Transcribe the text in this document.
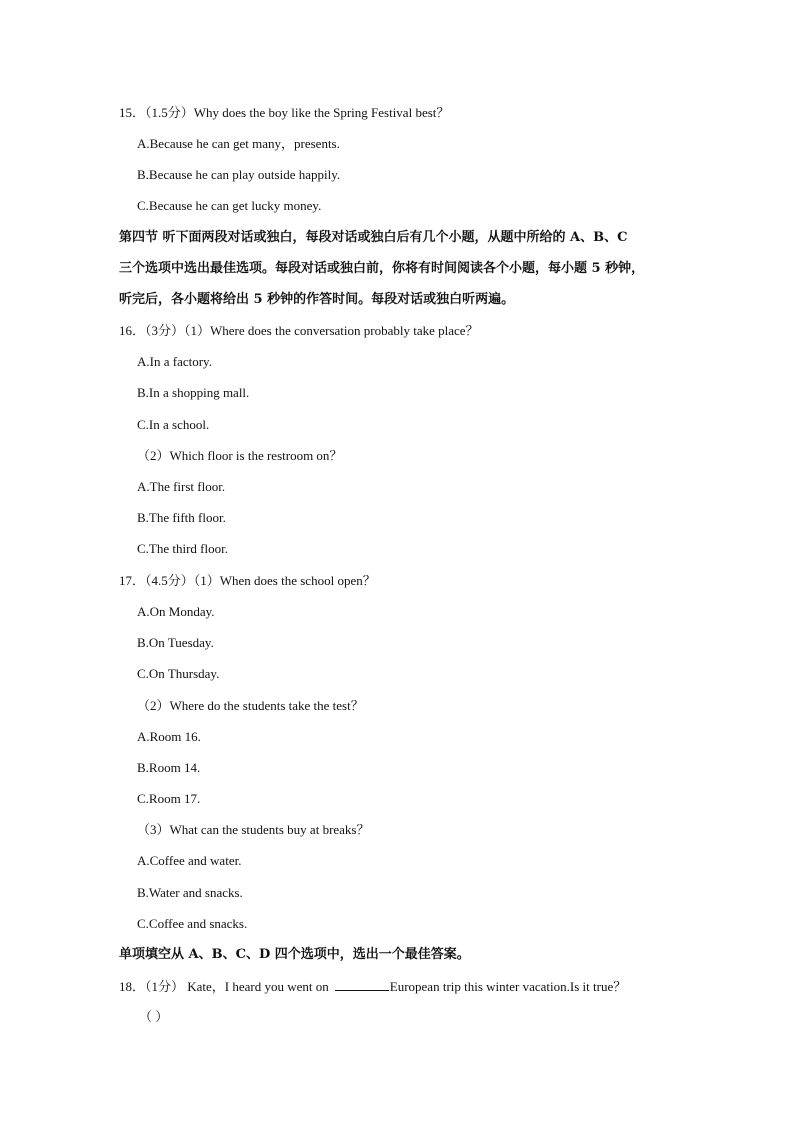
15．（1.5分）Why does the boy like the Spring Festival best？
A.Because he can get many，presents.
B.Because he can play outside happily.
C.Because he can get lucky money.
第四节 听下面两段对话或独白，每段对话或独白后有几个小题，从题中所给的 A、B、C
三个选项中选出最佳选项。每段对话或独白前，你将有时间阅读各个小题，每小题 5 秒钟，
听完后，各小题将给出 5 秒钟的作答时间。每段对话或独白听两遍。
16．（3分）（1）Where does the conversation probably take place？
A.In a factory.
B.In a shopping mall.
C.In a school.
（2）Which floor is the restroom on？
A.The first floor.
B.The fifth floor.
C.The third floor.
17．（4.5分）（1）When does the school open？
A.On Monday.
B.On Tuesday.
C.On Thursday.
（2）Where do the students take the test？
A.Room 16.
B.Room 14.
C.Room 17.
（3）What can the students buy at breaks？
A.Coffee and water.
B.Water and snacks.
C.Coffee and snacks.
单项填空从 A、B、C、D 四个选项中，选出一个最佳答案。
18．（1分） Kate，I heard you went on	European trip this winter vacation.Is it true？
（ ）
